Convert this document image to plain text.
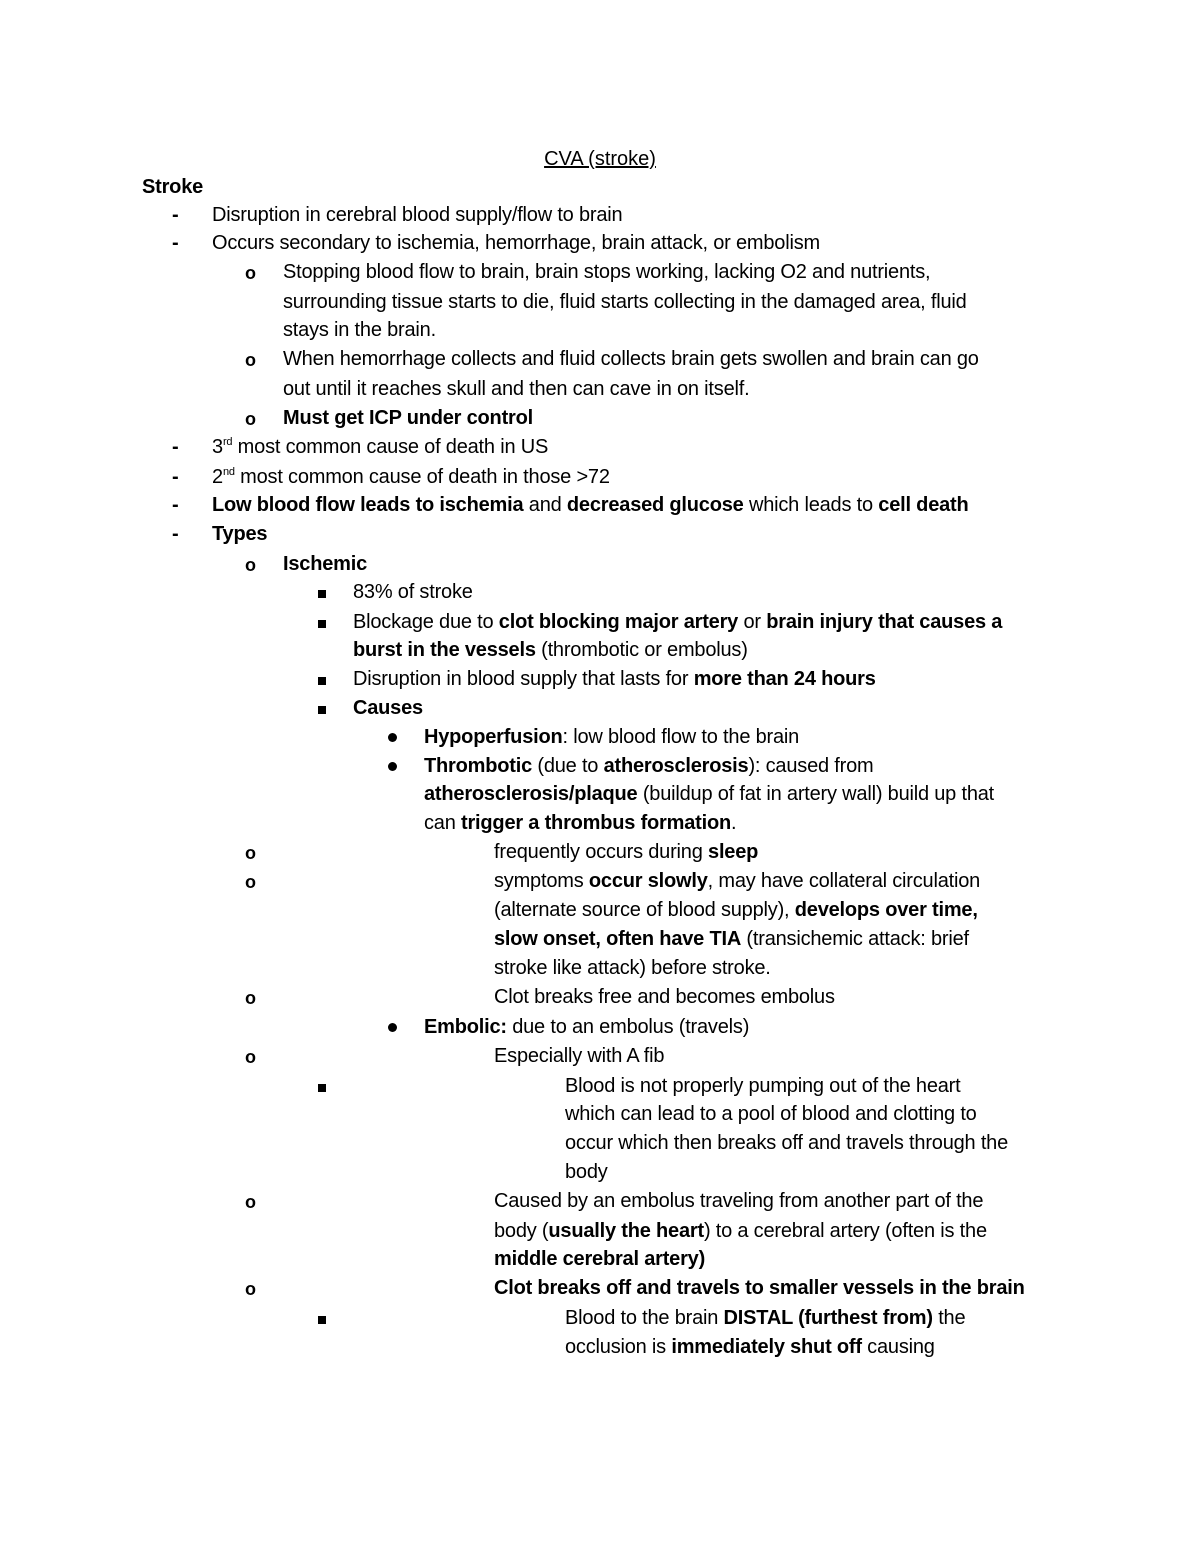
CVA (stroke)
Stroke
- Disruption in cerebral blood supply/flow to brain
- Occurs secondary to ischemia, hemorrhage, brain attack, or embolism
o Stopping blood flow to brain, brain stops working, lacking O2 and nutrients,
surrounding tissue starts to die, fluid starts collecting in the damaged area, fluid
stays in the brain.
o When hemorrhage collects and fluid collects brain gets swollen and brain can go
out until it reaches skull and then can cave in on itself.
o Must get ICP under control
- 3rd most common cause of death in US
- 2nd most common cause of death in those >72
- Low blood flow leads to ischemia and decreased glucose which leads to cell death
- Types
o Ischemic
83% of stroke
Blockage due to clot blocking major artery or brain injury that causes a
burst in the vessels (thrombotic or embolus)
Disruption in blood supply that lasts for more than 24 hours
Causes
Hypoperfusion: low blood flow to the brain
Thrombotic (due to atherosclerosis): caused from
atherosclerosis/plaque (buildup of fat in artery wall) build up that
can trigger a thrombus formation.
o	frequently occurs during sleep
o	symptoms occur slowly, may have collateral circulation
(alternate source of blood supply), develops over time,
slow onset, often have TIA (transichemic attack: brief
stroke like attack) before stroke.
o	Clot breaks free and becomes embolus
Embolic: due to an embolus (travels)
o	Especially with A fib
Blood is not properly pumping out of the heart
which can lead to a pool of blood and clotting to
occur which then breaks off and travels through the
body
o	Caused by an embolus traveling from another part of the
body (usually the heart) to a cerebral artery (often is the
middle cerebral artery)
o	Clot breaks off and travels to smaller vessels in the brain
Blood to the brain DISTAL (furthest from) the
occlusion is immediately shut off causing
